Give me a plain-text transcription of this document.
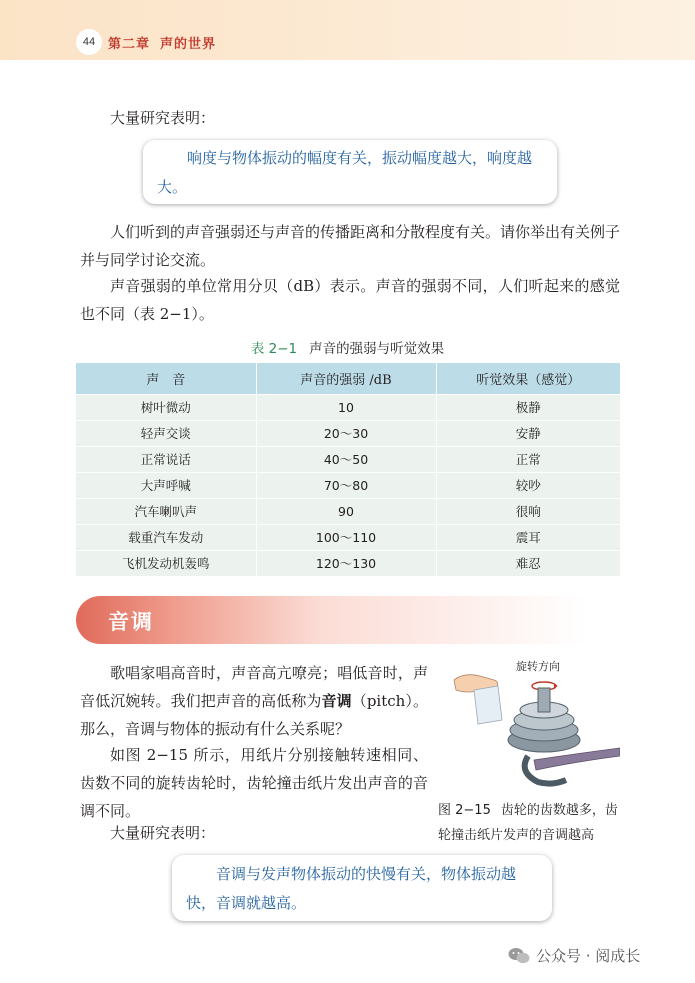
44 第二章 声的世界
大量研究表明：
响度与物体振动的幅度有关，振动幅度越大，响度越大。
人们听到的声音强弱还与声音的传播距离和分散程度有关。请你举出有关例子并与同学讨论交流。
声音强弱的单位常用分贝（dB）表示。声音的强弱不同，人们听起来的感觉也不同（表 2−1）。
表 2−1 声音的强弱与听觉效果
声　音	声音的强弱 /dB	听觉效果（感觉）
树叶微动	10	极静
轻声交谈	20～30	安静
正常说话	40～50	正常
大声呼喊	70～80	较吵
汽车喇叭声	90	很响
载重汽车发动	100～110	震耳
飞机发动机轰鸣	120～130	难忍
音调
歌唱家唱高音时，声音高亢嘹亮；唱低音时，声音低沉婉转。我们把声音的高低称为音调（pitch）。那么，音调与物体的振动有什么关系呢？
如图 2−15 所示，用纸片分别接触转速相同、齿数不同的旋转齿轮时，齿轮撞击纸片发出声音的音调不同。
大量研究表明：
旋转方向
图 2−15 齿轮的齿数越多，齿轮撞击纸片发声的音调越高
音调与发声物体振动的快慢有关，物体振动越快，音调就越高。
公众号 · 阅成长
